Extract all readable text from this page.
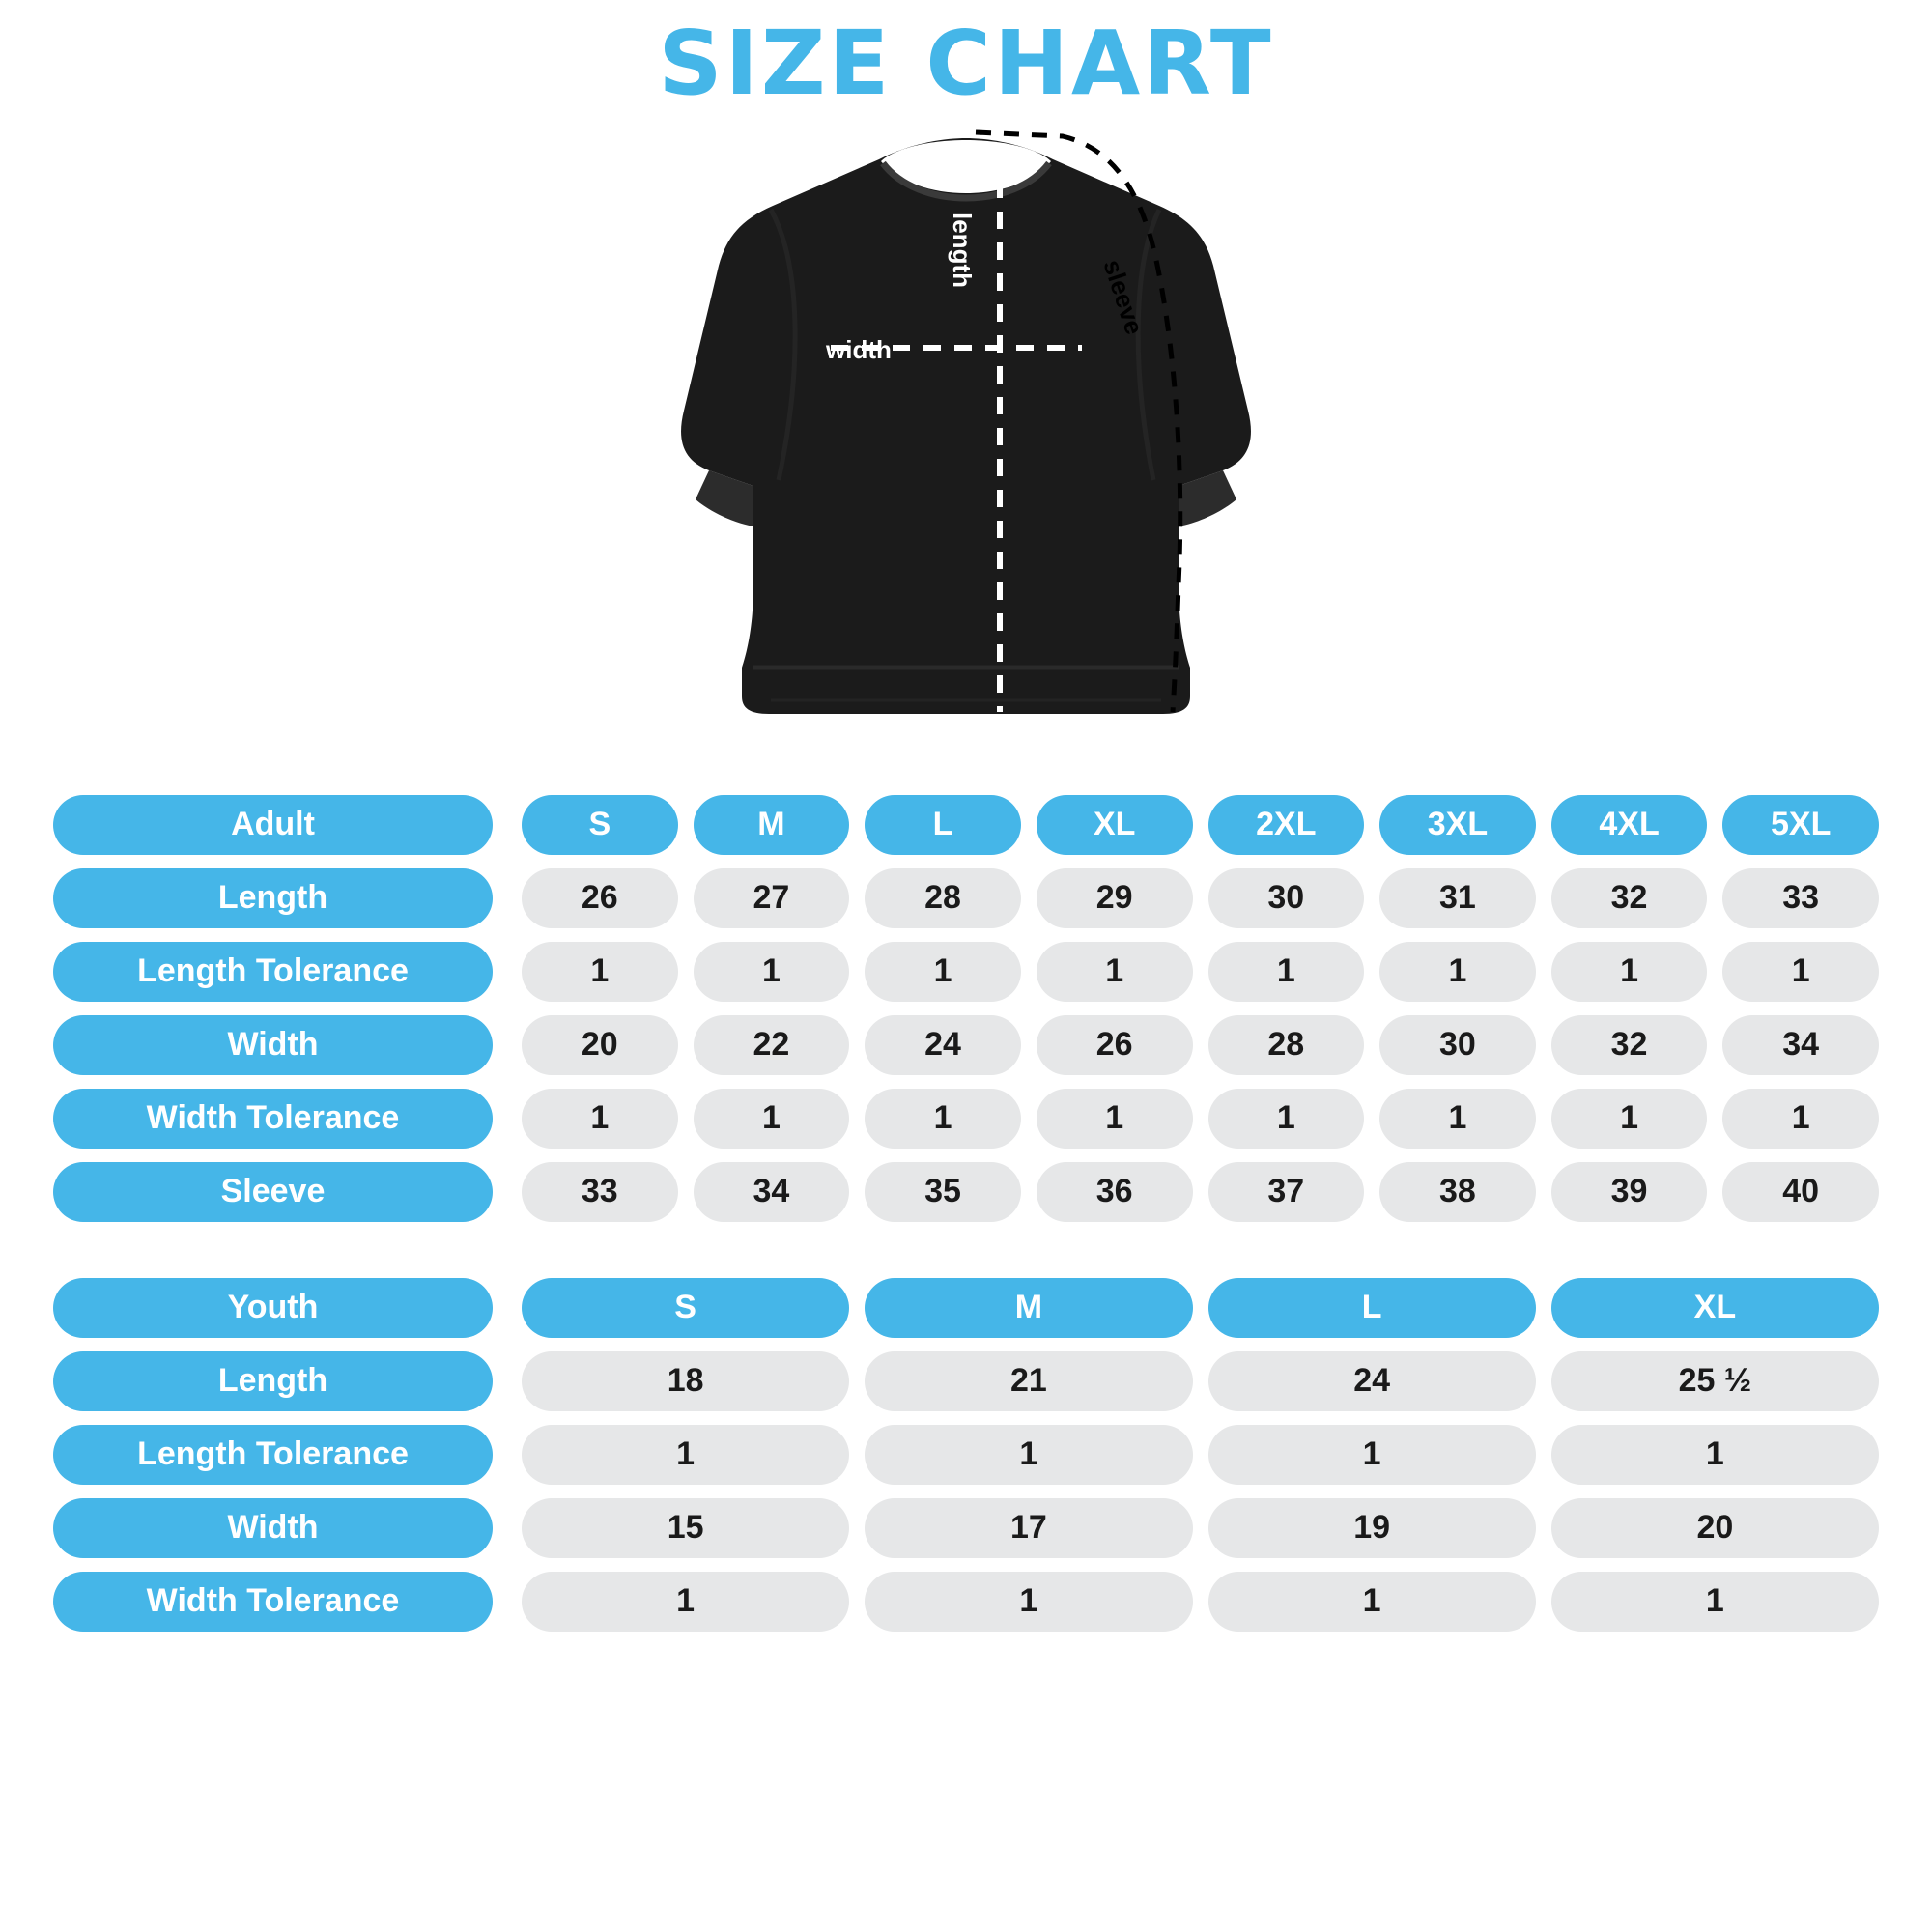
SIZE CHART
width
length
sleeve
Adult	S	M	L	XL	2XL	3XL	4XL	5XL
Length	26	27	28	29	30	31	32	33
Length Tolerance	1	1	1	1	1	1	1	1
Width	20	22	24	26	28	30	32	34
Width Tolerance	1	1	1	1	1	1	1	1
Sleeve	33	34	35	36	37	38	39	40
Youth	S	M	L	XL
Length	18	21	24	25 ½
Length Tolerance	1	1	1	1
Width	15	17	19	20
Width Tolerance	1	1	1	1
